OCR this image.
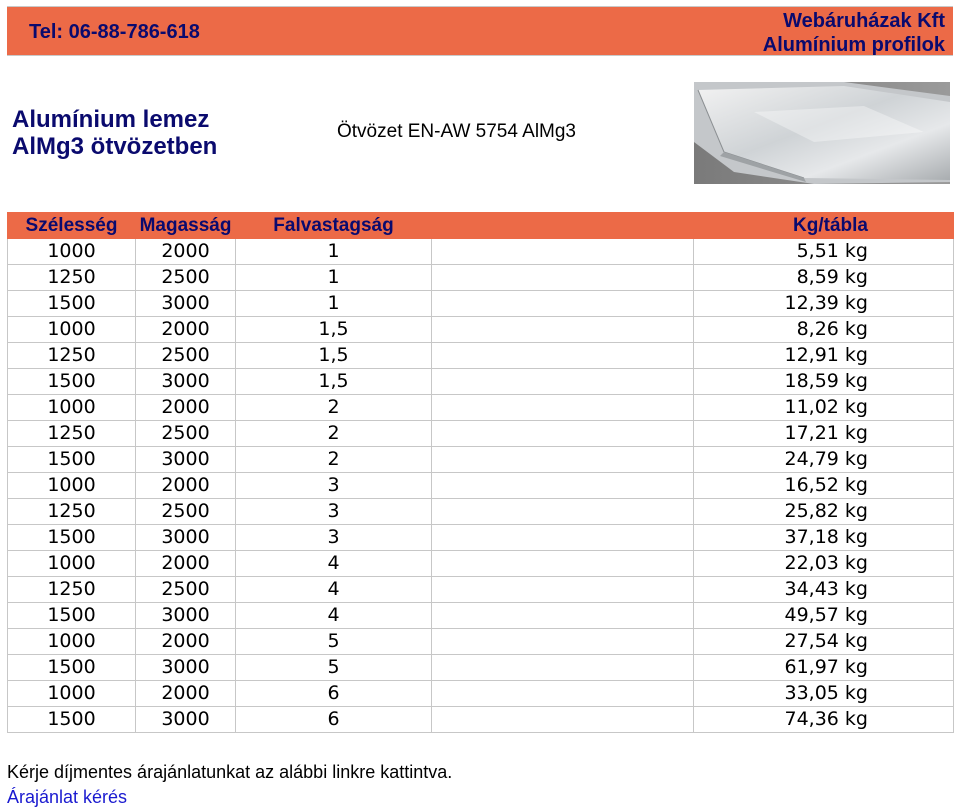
Tel: 06-88-786-618	Webáruházak Kft
Alumínium profilok
Alumínium lemez
AlMg3 ötvözetben
Ötvözet EN-AW 5754 AlMg3
Szélesség	Magasság	Falvastagság		Kg/tábla
1000	2000	1		5,51 kg
1250	2500	1		8,59 kg
1500	3000	1		12,39 kg
1000	2000	1,5		8,26 kg
1250	2500	1,5		12,91 kg
1500	3000	1,5		18,59 kg
1000	2000	2		11,02 kg
1250	2500	2		17,21 kg
1500	3000	2		24,79 kg
1000	2000	3		16,52 kg
1250	2500	3		25,82 kg
1500	3000	3		37,18 kg
1000	2000	4		22,03 kg
1250	2500	4		34,43 kg
1500	3000	4		49,57 kg
1000	2000	5		27,54 kg
1500	3000	5		61,97 kg
1000	2000	6		33,05 kg
1500	3000	6		74,36 kg
Kérje díjmentes árajánlatunkat az alábbi linkre kattintva.
Árajánlat kérés
